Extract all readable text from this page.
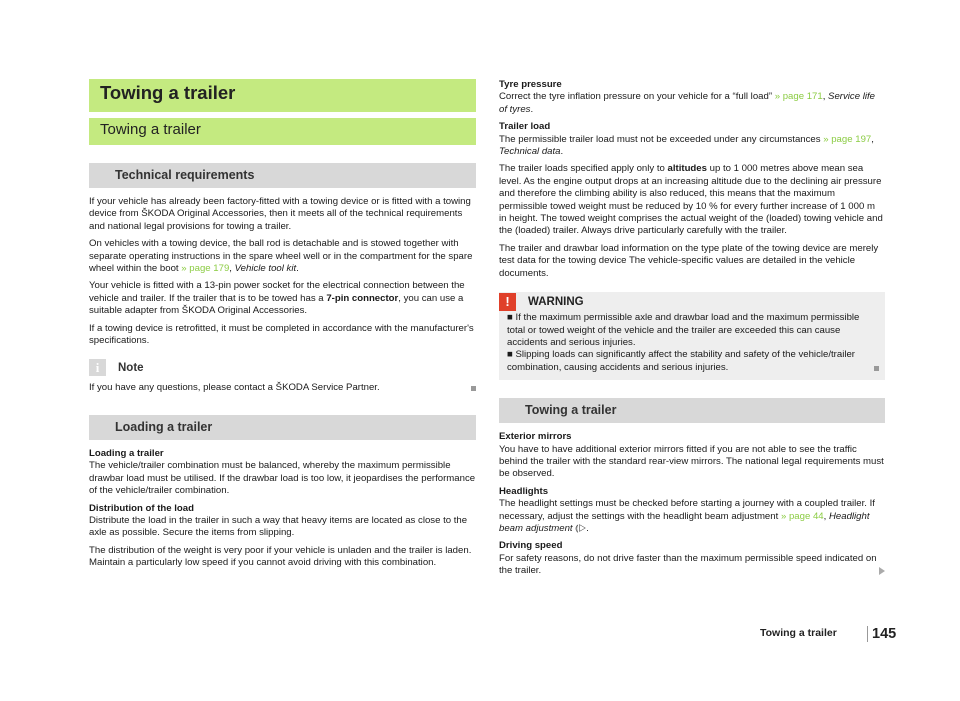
Towing a trailer
Towing a trailer
Technical requirements

If your vehicle has already been factory-fitted with a towing device or is fitted with a towing device from ŠKODA Original Accessories, then it meets all of the technical requirements and national legal provisions for towing a trailer.

On vehicles with a towing device, the ball rod is detachable and is stowed together with separate operating instructions in the spare wheel well or in the compartment for the spare wheel within the boot » page 179, Vehicle tool kit.

Your vehicle is fitted with a 13-pin power socket for the electrical connection between the vehicle and trailer. If the trailer that is to be towed has a 7-pin connector, you can use a suitable adapter from ŠKODA Original Accessories.

If a towing device is retrofitted, it must be completed in accordance with the manufacturer's specifications.

i	Note

If you have any questions, please contact a ŠKODA Service Partner.

Loading a trailer

Loading a trailer
The vehicle/trailer combination must be balanced, whereby the maximum permissible drawbar load must be utilised. If the drawbar load is too low, it jeopardises the performance of the vehicle/trailer combination.

Distribution of the load
Distribute the load in the trailer in such a way that heavy items are located as close to the axle as possible. Secure the items from slipping.

The distribution of the weight is very poor if your vehicle is unladen and the trailer is laden. Maintain a particularly low speed if you cannot avoid driving with this combination.

Tyre pressure
Correct the tyre inflation pressure on your vehicle for a “full load” » page 171, Service life of tyres.

Trailer load
The permissible trailer load must not be exceeded under any circumstances » page 197, Technical data.

The trailer loads specified apply only to altitudes up to 1 000 metres above mean sea level. As the engine output drops at an increasing altitude due to the declining air pressure and therefore the climbing ability is also reduced, this means that the maximum permissible towed weight must be reduced by 10 % for every further increase of 1 000 m in height. The towed weight comprises the actual weight of the (loaded) towing vehicle and the (loaded) trailer. Always drive particularly carefully with the trailer.

The trailer and drawbar load information on the type plate of the towing device are merely test data for the towing device The vehicle-specific values are detailed in the vehicle documents.

!	WARNING

■ If the maximum permissible axle and drawbar load and the maximum permissible total or towed weight of the vehicle and the trailer are exceeded this can cause accidents and serious injuries.

■ Slipping loads can significantly affect the stability and safety of the vehicle/trailer combination, causing accidents and serious injuries.

Towing a trailer

Exterior mirrors
You have to have additional exterior mirrors fitted if you are not able to see the traffic behind the trailer with the standard rear-view mirrors. The national legal requirements must be observed.

Headlights
The headlight settings must be checked before starting a journey with a coupled trailer. If necessary, adjust the settings with the headlight beam adjustment » page 44, Headlight beam adjustment ⦅▷.

Driving speed
For safety reasons, do not drive faster than the maximum permissible speed indicated on the trailer.

Towing a trailer	145
